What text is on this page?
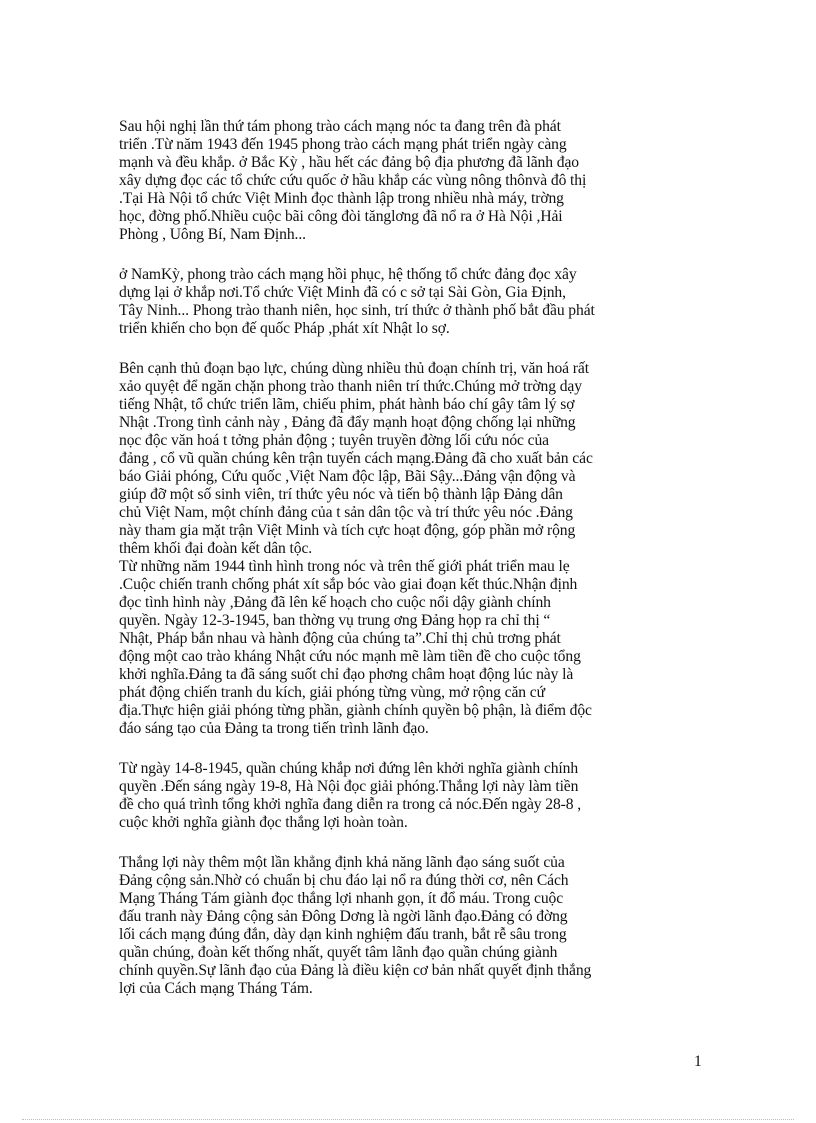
Sau hội nghị lần thứ tám phong trào cách mạng nóc ta đang trên đà phát
triển .Từ năm 1943 đến 1945 phong trào cách mạng phát triển ngày càng
mạnh và đều khắp. ở Bắc Kỳ , hầu hết các đảng bộ địa phương đã lãnh đạo
xây dựng đọc các tổ chức cứu quốc ở hầu khắp các vùng nông thônvà đô thị
.Tại Hà Nội tổ chức Việt Minh đọc thành lập trong nhiều nhà máy, trờng
học, đờng phố.Nhiều cuộc bãi công đòi tănglơng đã nổ ra ở Hà Nội ,Hải
Phòng , Uông Bí, Nam Định...

ở NamKỳ, phong trào cách mạng hồi phục, hệ thống tổ chức đảng đọc xây
dựng lại ở khắp nơi.Tổ chức Việt Minh đã có c sở tại Sài Gòn, Gia Định,
Tây Ninh... Phong trào thanh niên, học sinh, trí thức ở thành phố bắt đầu phát
triển khiến cho bọn đế quốc Pháp ,phát xít Nhật lo sợ.

Bên cạnh thủ đoạn bạo lực, chúng dùng nhiều thủ đoạn chính trị, văn hoá rất
xảo quyệt để ngăn chặn phong trào thanh niên trí thức.Chúng mở trờng dạy
tiếng Nhật, tổ chức triển lãm, chiếu phim, phát hành báo chí gây tâm lý sợ
Nhật .Trong tình cảnh này , Đảng đã đẩy mạnh hoạt động chống lại những
nọc độc văn hoá t tởng phản động ; tuyên truyền đờng lối cứu nóc của
đảng , cổ vũ quần chúng kên trận tuyến cách mạng.Đảng đã cho xuất bản các
báo Giải phóng, Cứu quốc ,Việt Nam độc lập, Bãi Sậy...Đảng vận động và
giúp đỡ một số sinh viên, trí thức yêu nóc và tiến bộ thành lập Đảng dân
chủ Việt Nam, một chính đảng của t sản dân tộc và trí thức yêu nóc .Đảng
này tham gia mặt trận Việt Minh và tích cực hoạt động, góp phần mở rộng
thêm khối đại đoàn kết dân tộc.

Từ những năm 1944 tình hình trong nóc và trên thế giới phát triển mau lẹ
.Cuộc chiến tranh chống phát xít sắp bóc vào giai đoạn kết thúc.Nhận định
đọc tình hình này ,Đảng đã lên kế hoạch cho cuộc nổi dậy giành chính
quyền. Ngày 12-3-1945, ban thờng vụ trung ơng Đảng họp ra chỉ thị “
Nhật, Pháp bắn nhau và hành động của chúng ta”.Chỉ thị chủ trơng phát
động một cao trào kháng Nhật cứu nóc mạnh mẽ làm tiền đề cho cuộc tổng
khởi nghĩa.Đảng ta đã sáng suốt chỉ đạo phơng châm hoạt động lúc này là
phát động chiến tranh du kích, giải phóng từng vùng, mở rộng căn cứ
địa.Thực hiện giải phóng từng phần, giành chính quyền bộ phận, là điểm độc
đáo sáng tạo của Đảng ta trong tiến trình lãnh đạo.

Từ ngày 14-8-1945, quần chúng khắp nơi đứng lên khởi nghĩa giành chính
quyền .Đến sáng ngày 19-8, Hà Nội đọc giải phóng.Thắng lợi này làm tiền
đề cho quá trình tổng khởi nghĩa đang diễn ra trong cả nóc.Đến ngày 28-8 ,
cuộc khởi nghĩa giành đọc thắng lợi hoàn toàn.

Thắng lợi này thêm một lần khẳng định khả năng lãnh đạo sáng suốt của
Đảng cộng sản.Nhờ có chuẩn bị chu đáo lại nổ ra đúng thời cơ, nên Cách
Mạng Tháng Tám giành đọc thắng lợi nhanh gọn, ít đổ máu. Trong cuộc
đấu tranh này Đảng cộng sản Đông Dơng là ngời lãnh đạo.Đảng có đờng
lối cách mạng đúng đắn, dày dạn kinh nghiệm đấu tranh, bắt rễ sâu trong
quần chúng, đoàn kết thống nhất, quyết tâm lãnh đạo quần chúng giành
chính quyền.Sự lãnh đạo của Đảng là điều kiện cơ bản nhất quyết định thắng
lợi của Cách mạng Tháng Tám.

1
